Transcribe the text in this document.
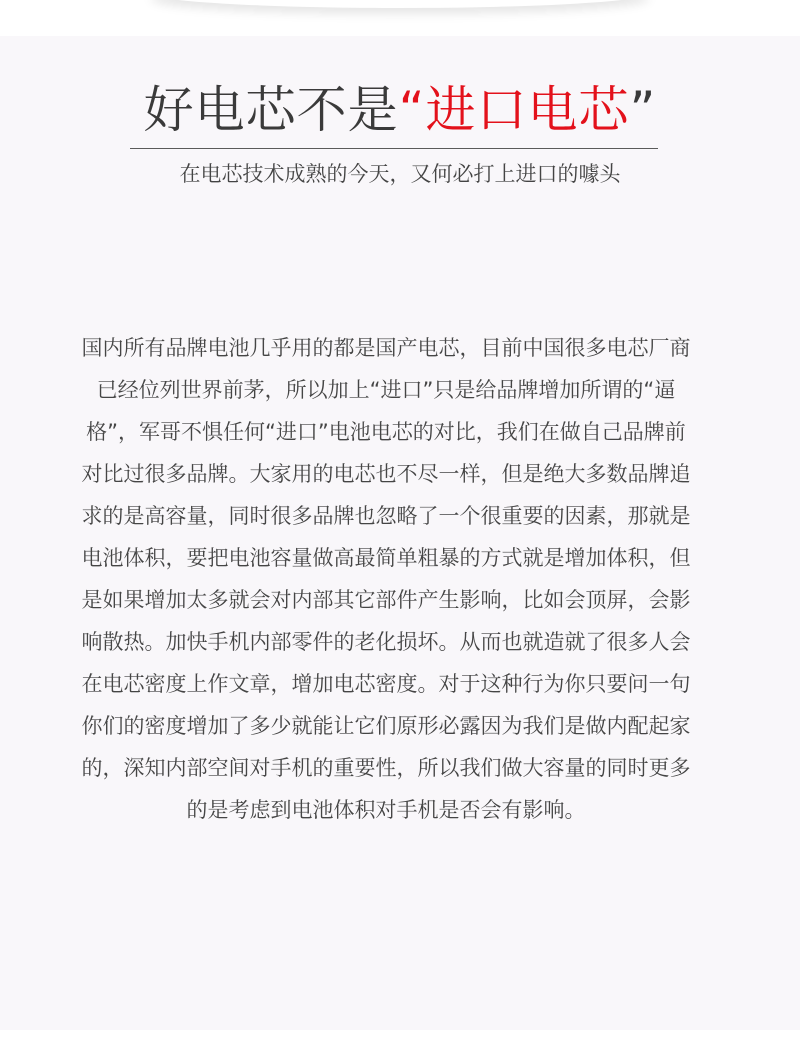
好电芯不是“进口电芯”
在电芯技术成熟的今天，又何必打上进口的噱头

国内所有品牌电池几乎用的都是国产电芯，目前中国很多电芯厂商已经位列世界前茅，所以加上“进口”只是给品牌增加所谓的“逼格”，军哥不惧任何“进口”电池电芯的对比，我们在做自己品牌前对比过很多品牌。大家用的电芯也不尽一样，但是绝大多数品牌追求的是高容量，同时很多品牌也忽略了一个很重要的因素，那就是电池体积，要把电池容量做高最简单粗暴的方式就是增加体积，但是如果增加太多就会对内部其它部件产生影响，比如会顶屏，会影响散热。加快手机内部零件的老化损坏。从而也就造就了很多人会在电芯密度上作文章，增加电芯密度。对于这种行为你只要问一句你们的密度增加了多少就能让它们原形必露因为我们是做内配起家的，深知内部空间对手机的重要性，所以我们做大容量的同时更多的是考虑到电池体积对手机是否会有影响。
